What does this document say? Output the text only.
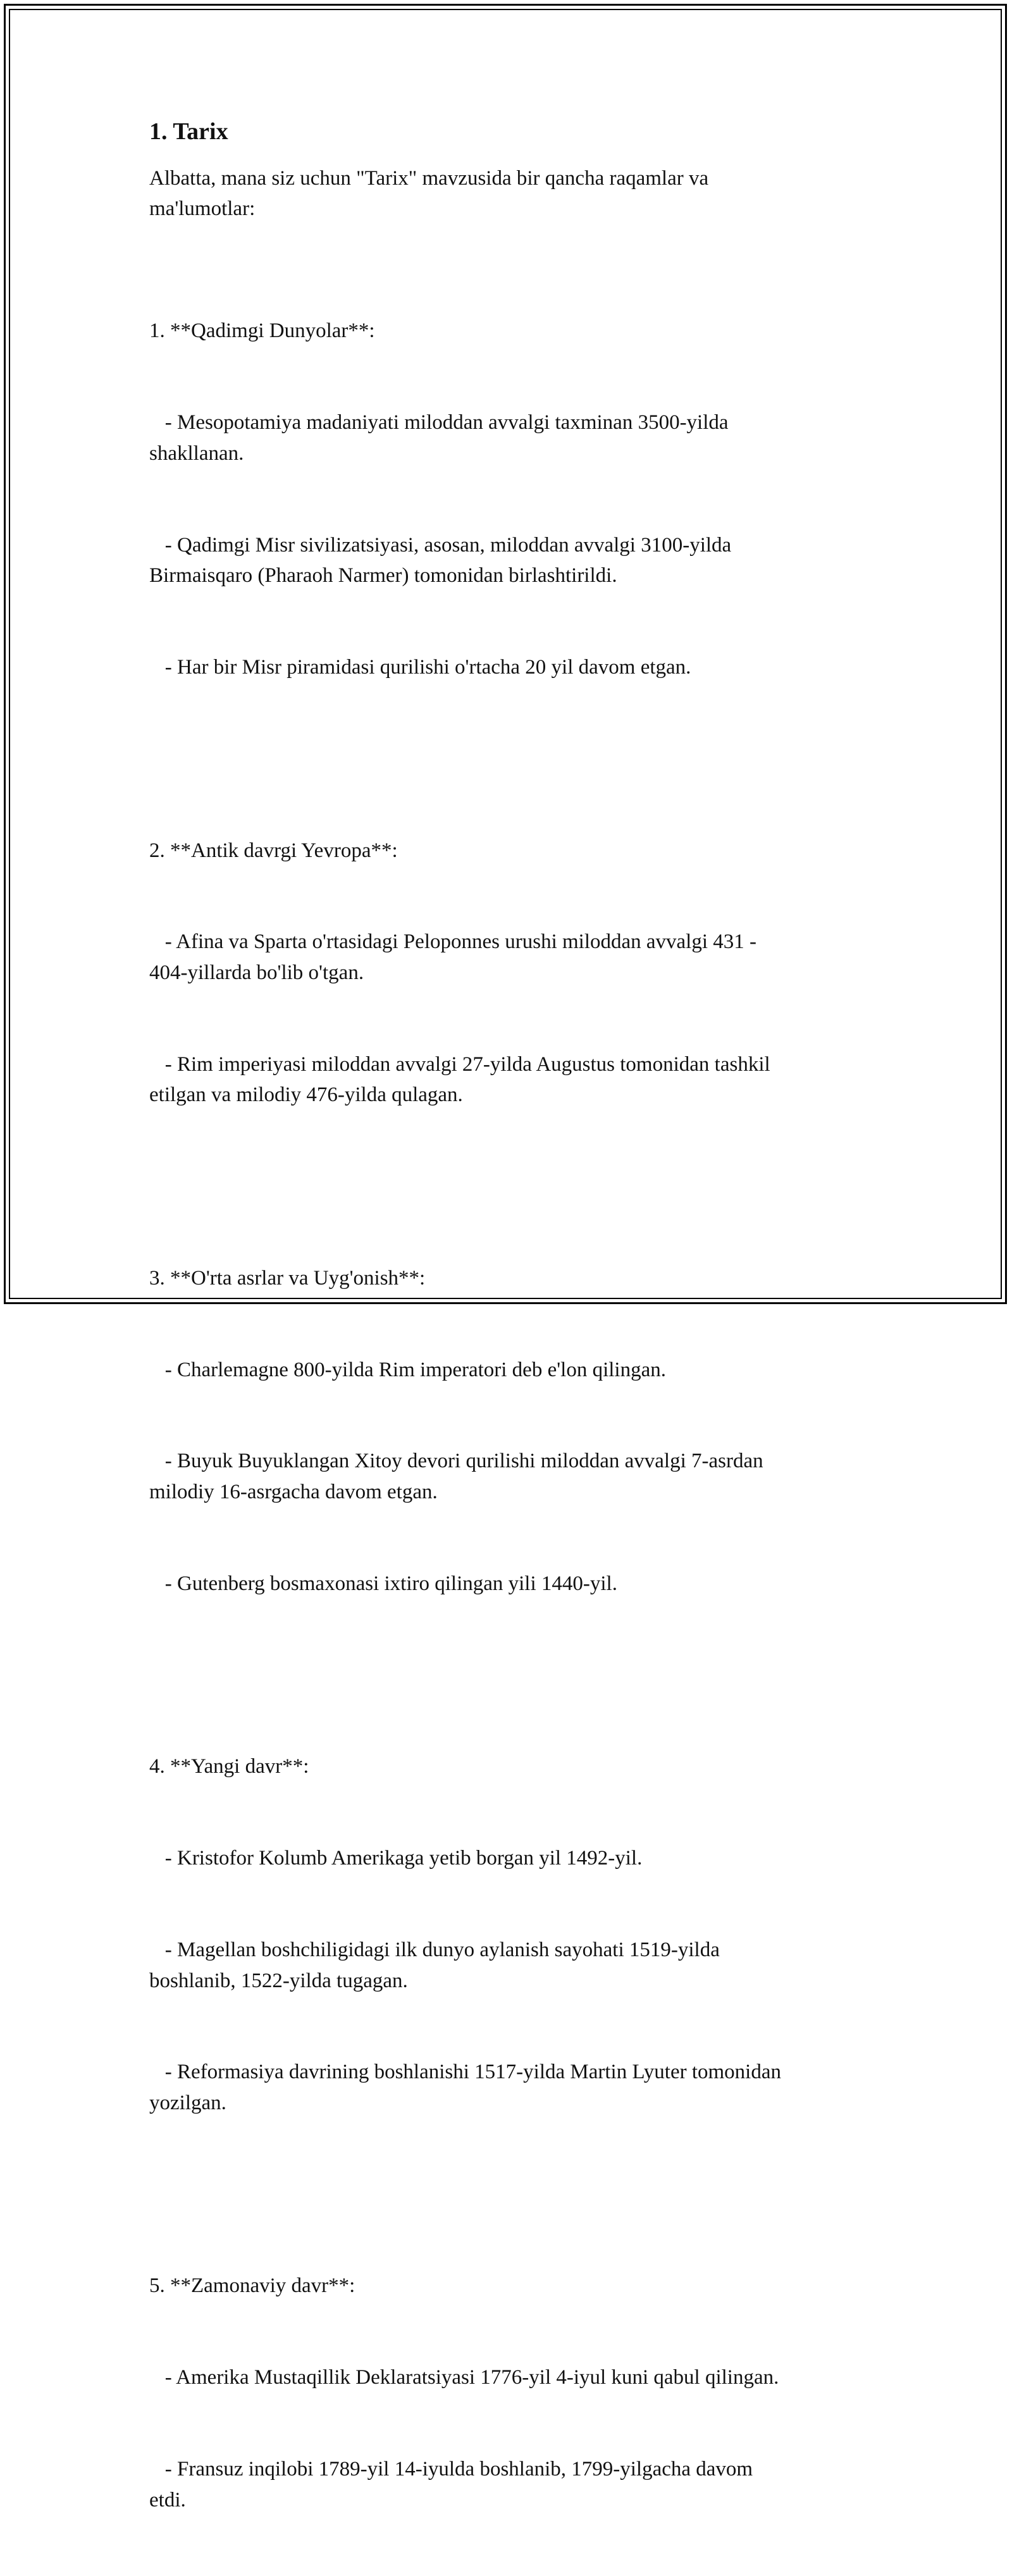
1. Tarix

Albatta, mana siz uchun "Tarix" mavzusida bir qancha raqamlar va
ma'lumotlar:

1. **Qadimgi Dunyolar**:

- Mesopotamiya madaniyati miloddan avvalgi taxminan 3500-yilda
shakllanan.

- Qadimgi Misr sivilizatsiyasi, asosan, miloddan avvalgi 3100-yilda
Birmaisqaro (Pharaoh Narmer) tomonidan birlashtirildi.

- Har bir Misr piramidasi qurilishi o'rtacha 20 yil davom etgan.

2. **Antik davrgi Yevropa**:

- Afina va Sparta o'rtasidagi Peloponnes urushi miloddan avvalgi 431 -
404-yillarda bo'lib o'tgan.

- Rim imperiyasi miloddan avvalgi 27-yilda Augustus tomonidan tashkil
etilgan va milodiy 476-yilda qulagan.

3. **O'rta asrlar va Uyg'onish**:

- Charlemagne 800-yilda Rim imperatori deb e'lon qilingan.

- Buyuk Buyuklangan Xitoy devori qurilishi miloddan avvalgi 7-asrdan
milodiy 16-asrgacha davom etgan.

- Gutenberg bosmaxonasi ixtiro qilingan yili 1440-yil.

4. **Yangi davr**:

- Kristofor Kolumb Amerikaga yetib borgan yil 1492-yil.

- Magellan boshchiligidagi ilk dunyo aylanish sayohati 1519-yilda
boshlanib, 1522-yilda tugagan.

- Reformasiya davrining boshlanishi 1517-yilda Martin Lyuter tomonidan
yozilgan.

5. **Zamonaviy davr**:

- Amerika Mustaqillik Deklaratsiyasi 1776-yil 4-iyul kuni qabul qilingan.

- Fransuz inqilobi 1789-yil 14-iyulda boshlanib, 1799-yilgacha davom
etdi.
